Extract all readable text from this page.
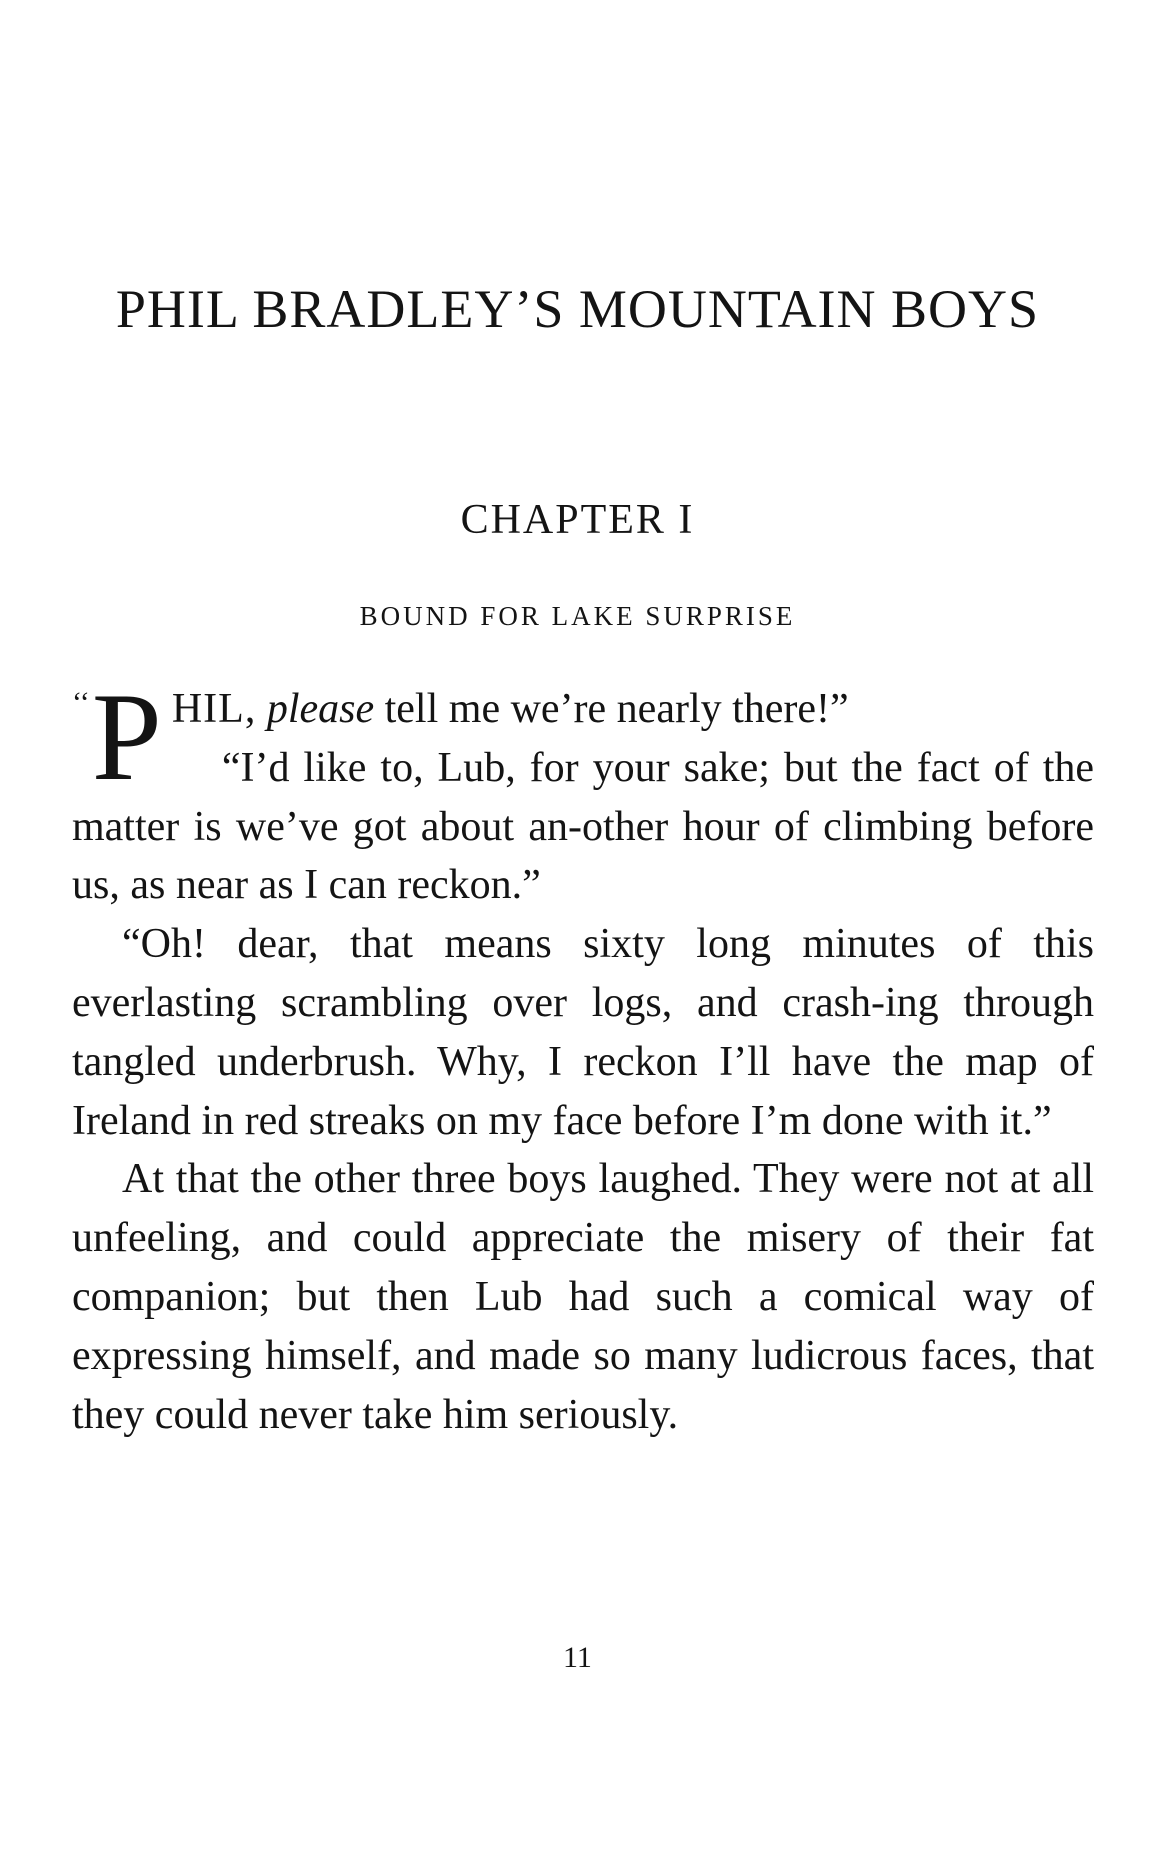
PHIL BRADLEY’S MOUNTAIN BOYS
CHAPTER I
BOUND FOR LAKE SURPRISE

‘‘ P HIL, please tell me we’re nearly there!”

“I’d like to, Lub, for your sake; but the fact of the matter is we’ve got about an-other hour of climbing before us, as near as I can reckon.”

“Oh! dear, that means sixty long minutes of this everlasting scrambling over logs, and crash-ing through tangled underbrush. Why, I reckon I’ll have the map of Ireland in red streaks on my face before I’m done with it.”

At that the other three boys laughed. They were not at all unfeeling, and could appreciate the misery of their fat companion; but then Lub had such a comical way of expressing himself, and made so many ludicrous faces, that they could never take him seriously.

11
